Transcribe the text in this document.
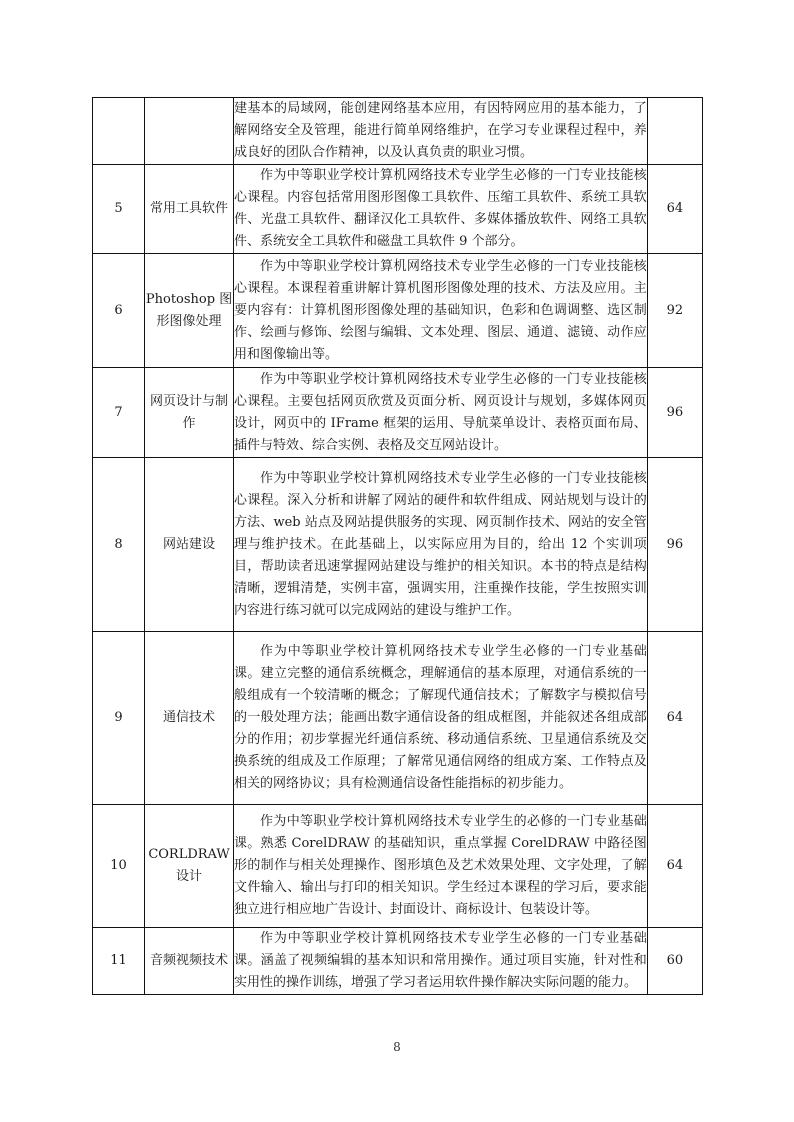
		建基本的局域网，能创建网络基本应用，有因特网应用的基本能力，了解网络安全及管理，能进行简单网络维护，在学习专业课程过程中，养成良好的团队合作精神，以及认真负责的职业习惯。	

5	常用工具软件	作为中等职业学校计算机网络技术专业学生必修的一门专业技能核心课程。内容包括常用图形图像工具软件、压缩工具软件、系统工具软件、光盘工具软件、翻译汉化工具软件、多媒体播放软件、网络工具软件、系统安全工具软件和磁盘工具软件 9 个部分。	64
6	Photoshop 图形图像处理	作为中等职业学校计算机网络技术专业学生必修的一门专业技能核心课程。本课程着重讲解计算机图形图像处理的技术、方法及应用。主要内容有：计算机图形图像处理的基础知识，色彩和色调调整、选区制作、绘画与修饰、绘图与编辑、文本处理、图层、通道、滤镜、动作应用和图像输出等。	92
7	网页设计与制作	作为中等职业学校计算机网络技术专业学生必修的一门专业技能核心课程。主要包括网页欣赏及页面分析、网页设计与规划，多媒体网页设计，网页中的 IFrame 框架的运用、导航菜单设计、表格页面布局、插件与特效、综合实例、表格及交互网站设计。	96
8	网站建设	作为中等职业学校计算机网络技术专业学生必修的一门专业技能核心课程。深入分析和讲解了网站的硬件和软件组成、网站规划与设计的方法、web 站点及网站提供服务的实现、网页制作技术、网站的安全管理与维护技术。在此基础上，以实际应用为目的，给出 12 个实训项目，帮助读者迅速掌握网站建设与维护的相关知识。本书的特点是结构清晰，逻辑清楚，实例丰富，强调实用，注重操作技能，学生按照实训内容进行练习就可以完成网站的建设与维护工作。	96
9	通信技术	作为中等职业学校计算机网络技术专业学生必修的一门专业基础课。建立完整的通信系统概念，理解通信的基本原理，对通信系统的一般组成有一个较清晰的概念；了解现代通信技术；了解数字与模拟信号的一般处理方法；能画出数字通信设备的组成框图，并能叙述各组成部分的作用；初步掌握光纤通信系统、移动通信系统、卫星通信系统及交换系统的组成及工作原理；了解常见通信网络的组成方案、工作特点及相关的网络协议；具有检测通信设备性能指标的初步能力。	64
10	CORLDRAW 设计	作为中等职业学校计算机网络技术专业学生的必修的一门专业基础课。熟悉 CorelDRAW 的基础知识，重点掌握 CorelDRAW 中路径图形的制作与相关处理操作、图形填色及艺术效果处理、文字处理，了解文件输入、输出与打印的相关知识。学生经过本课程的学习后，要求能独立进行相应地广告设计、封面设计、商标设计、包装设计等。	64
11	音频视频技术	作为中等职业学校计算机网络技术专业学生必修的一门专业基础课。涵盖了视频编辑的基本知识和常用操作。通过项目实施，针对性和实用性的操作训练，增强了学习者运用软件操作解决实际问题的能力。	60
8
